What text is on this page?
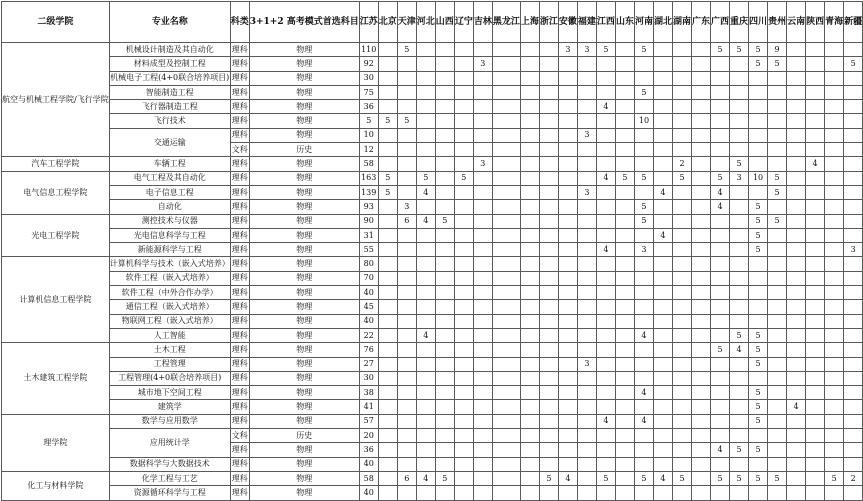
二级学院	专业名称	科类	3+1+2 高考模式首选科目	江苏	北京	天津	河北	山西	辽宁	吉林	黑龙江	上海	浙江	安徽	福建	江西	山东	河南	湖北	湖南	广东	广西	重庆	四川	贵州	云南	陕西	青海	新疆
航空与机械工程学院/飞行学院	机械设计制造及其自动化	理科	物理	110		5								3	3	5		5				5	5	5	9				
	材料成型及控制工程	理科	物理	92						3														5	5				5
	机械电子工程(4+0联合培养项目)	理科	物理	30																									
	智能制造工程	理科	物理	75														5											
	飞行器制造工程	理科	物理	36												4													
	飞行技术	理科	物理	5	5	5												10											
	交通运输	理科	物理	10											3														
		文科	历史	12																									
汽车工程学院	车辆工程	理科	物理	58						3										2			5				4		
电气信息工程学院	电气工程及其自动化	理科	物理	163	5		5		5							4	5	5		5		5	3	10	5				
	电子信息工程	理科	物理	139	5		4								3				4			4			5				
	自动化	理科	物理	93		3												5				4		5					
光电工程学院	测控技术与仪器	理科	物理	90		6	4	5										5						5	5				
	光电信息科学与工程	理科	物理	31															4					5					
	新能源科学与工程	理科	物理	55												4		3						5					3
计算机信息工程学院	计算机科学与技术（嵌入式培养）	理科	物理	80																									
	软件工程（嵌入式培养）	理科	物理	70																									
	软件工程（中外合作办学）	理科	物理	40																									
	通信工程（嵌入式培养）	理科	物理	45																									
	物联网工程（嵌入式培养）	理科	物理	40																									
	人工智能	理科	物理	22			4											4					5	5					
土木建筑工程学院	土木工程	理科	物理	76																		5	4	5					
	工程管理	理科	物理	27											3									5					
	工程管理(4+0联合培养项目)	理科	物理	30																									
	城市地下空间工程	理科	物理	38														4						5					
	建筑学	理科	物理	41																				5		4			
理学院	数学与应用数学	理科	物理	57												4		4						5					
	应用统计学	文科	历史	20																									
		理科	物理	36																		4	5	5					
	数据科学与大数据技术	理科	物理	40																									
化工与材料学院	化学工程与工艺	理科	物理	58		6	4	5					5	4		5		5	4	5		5	5	5	5			5	2
	资源循环科学与工程	理科	物理	40																									
